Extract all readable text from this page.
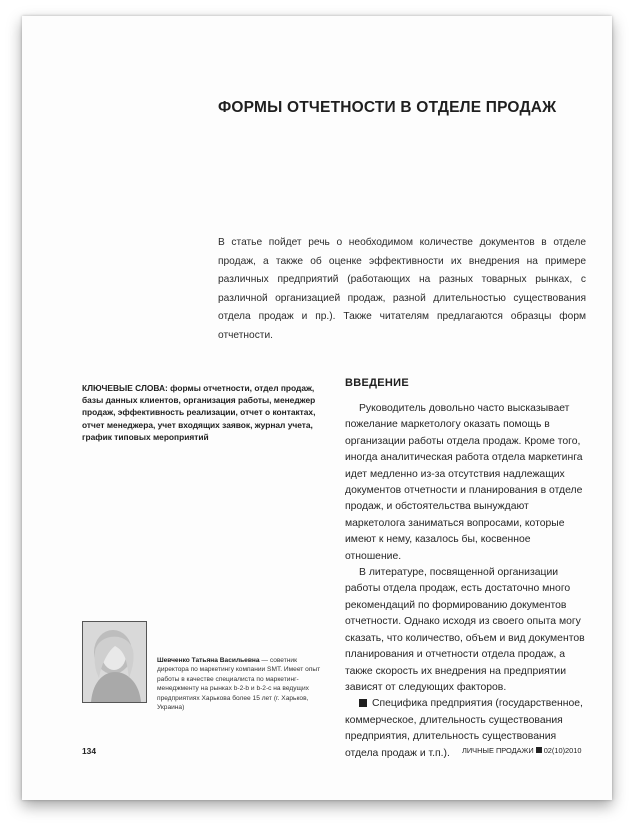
ФОРМЫ ОТЧЕТНОСТИ В ОТДЕЛЕ ПРОДАЖ
В статье пойдет речь о необходимом количестве документов в отделе продаж, а также об оценке эффективности их внедрения на примере различных предприятий (работающих на разных товарных рынках, с различной организацией продаж, разной длительностью существования отдела продаж и пр.). Также читателям предлагаются образцы форм отчетности.
КЛЮЧЕВЫЕ СЛОВА: формы отчетности, отдел продаж, базы данных клиентов, организация работы, менеджер продаж, эффективность реализации, отчет о контактах, отчет менеджера, учет входящих заявок, журнал учета, график типовых мероприятий
ВВЕДЕНИЕ

Руководитель довольно часто высказывает пожелание маркетологу оказать помощь в организации работы отдела продаж. Кроме того, иногда аналитическая работа отдела маркетинга идет медленно из-за отсутствия надлежащих документов отчетности и планирования в отделе продаж, и обстоятельства вынуждают маркетолога заниматься вопросами, которые имеют к нему, казалось бы, косвенное отношение.

В литературе, посвященной организации работы отдела продаж, есть достаточно много рекомендаций по формированию документов отчетности. Однако исходя из своего опыта могу сказать, что количество, объем и вид документов планирования и отчетности отдела продаж, а также скорость их внедрения на предприятии зависят от следующих факторов.

Специфика предприятия (государственное, коммерческое, длительность существования предприятия, длительность существования отдела продаж и т.п.).

Шевченко Татьяна Васильевна — советник директора по маркетингу компании SMT. Имеет опыт работы в качестве специалиста по маркетинг-менеджменту на рынках b-2-b и b-2-c на ведущих предприятиях Харькова более 15 лет (г. Харьков, Украина)
134	ЛИЧНЫЕ ПРОДАЖИ 02(10)2010
